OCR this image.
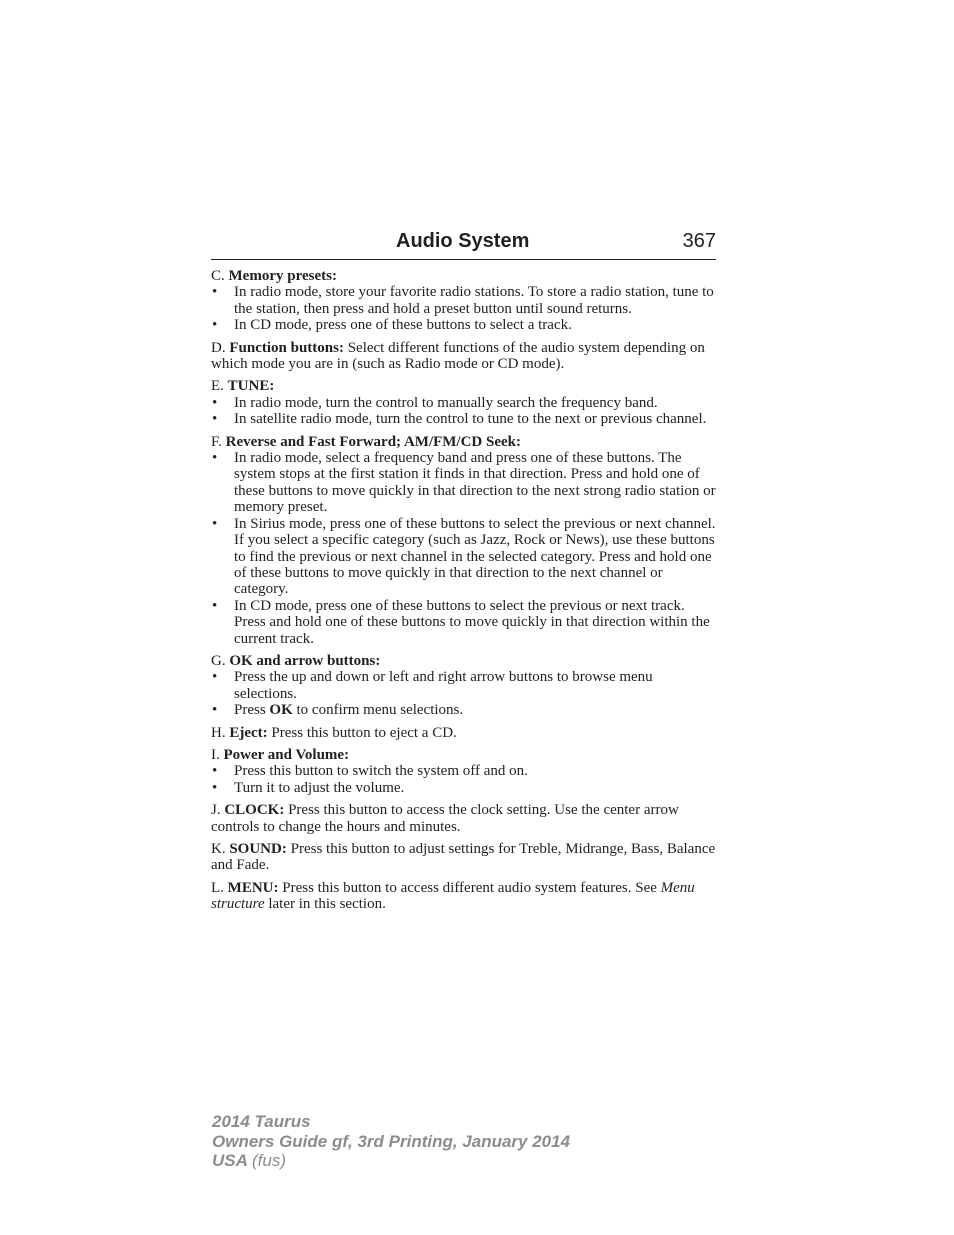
Audio System	367

C. Memory presets:

• In radio mode, store your favorite radio stations. To store a radio station, tune to the station, then press and hold a preset button until sound returns.
• In CD mode, press one of these buttons to select a track.

D. Function buttons: Select different functions of the audio system depending on which mode you are in (such as Radio mode or CD mode).

E. TUNE:

• In radio mode, turn the control to manually search the frequency band.
• In satellite radio mode, turn the control to tune to the next or previous channel.

F. Reverse and Fast Forward; AM/FM/CD Seek:

• In radio mode, select a frequency band and press one of these buttons. The system stops at the first station it finds in that direction. Press and hold one of these buttons to move quickly in that direction to the next strong radio station or memory preset.
• In Sirius mode, press one of these buttons to select the previous or next channel. If you select a specific category (such as Jazz, Rock or News), use these buttons to find the previous or next channel in the selected category. Press and hold one of these buttons to move quickly in that direction to the next channel or category.
• In CD mode, press one of these buttons to select the previous or next track. Press and hold one of these buttons to move quickly in that direction within the current track.

G. OK and arrow buttons:

• Press the up and down or left and right arrow buttons to browse menu selections.
• Press OK to confirm menu selections.

H. Eject: Press this button to eject a CD.

I. Power and Volume:

• Press this button to switch the system off and on.
• Turn it to adjust the volume.

J. CLOCK: Press this button to access the clock setting. Use the center arrow controls to change the hours and minutes.

K. SOUND: Press this button to adjust settings for Treble, Midrange, Bass, Balance and Fade.

L. MENU: Press this button to access different audio system features. See Menu structure later in this section.

2014 Taurus
Owners Guide gf, 3rd Printing, January 2014
USA (fus)
